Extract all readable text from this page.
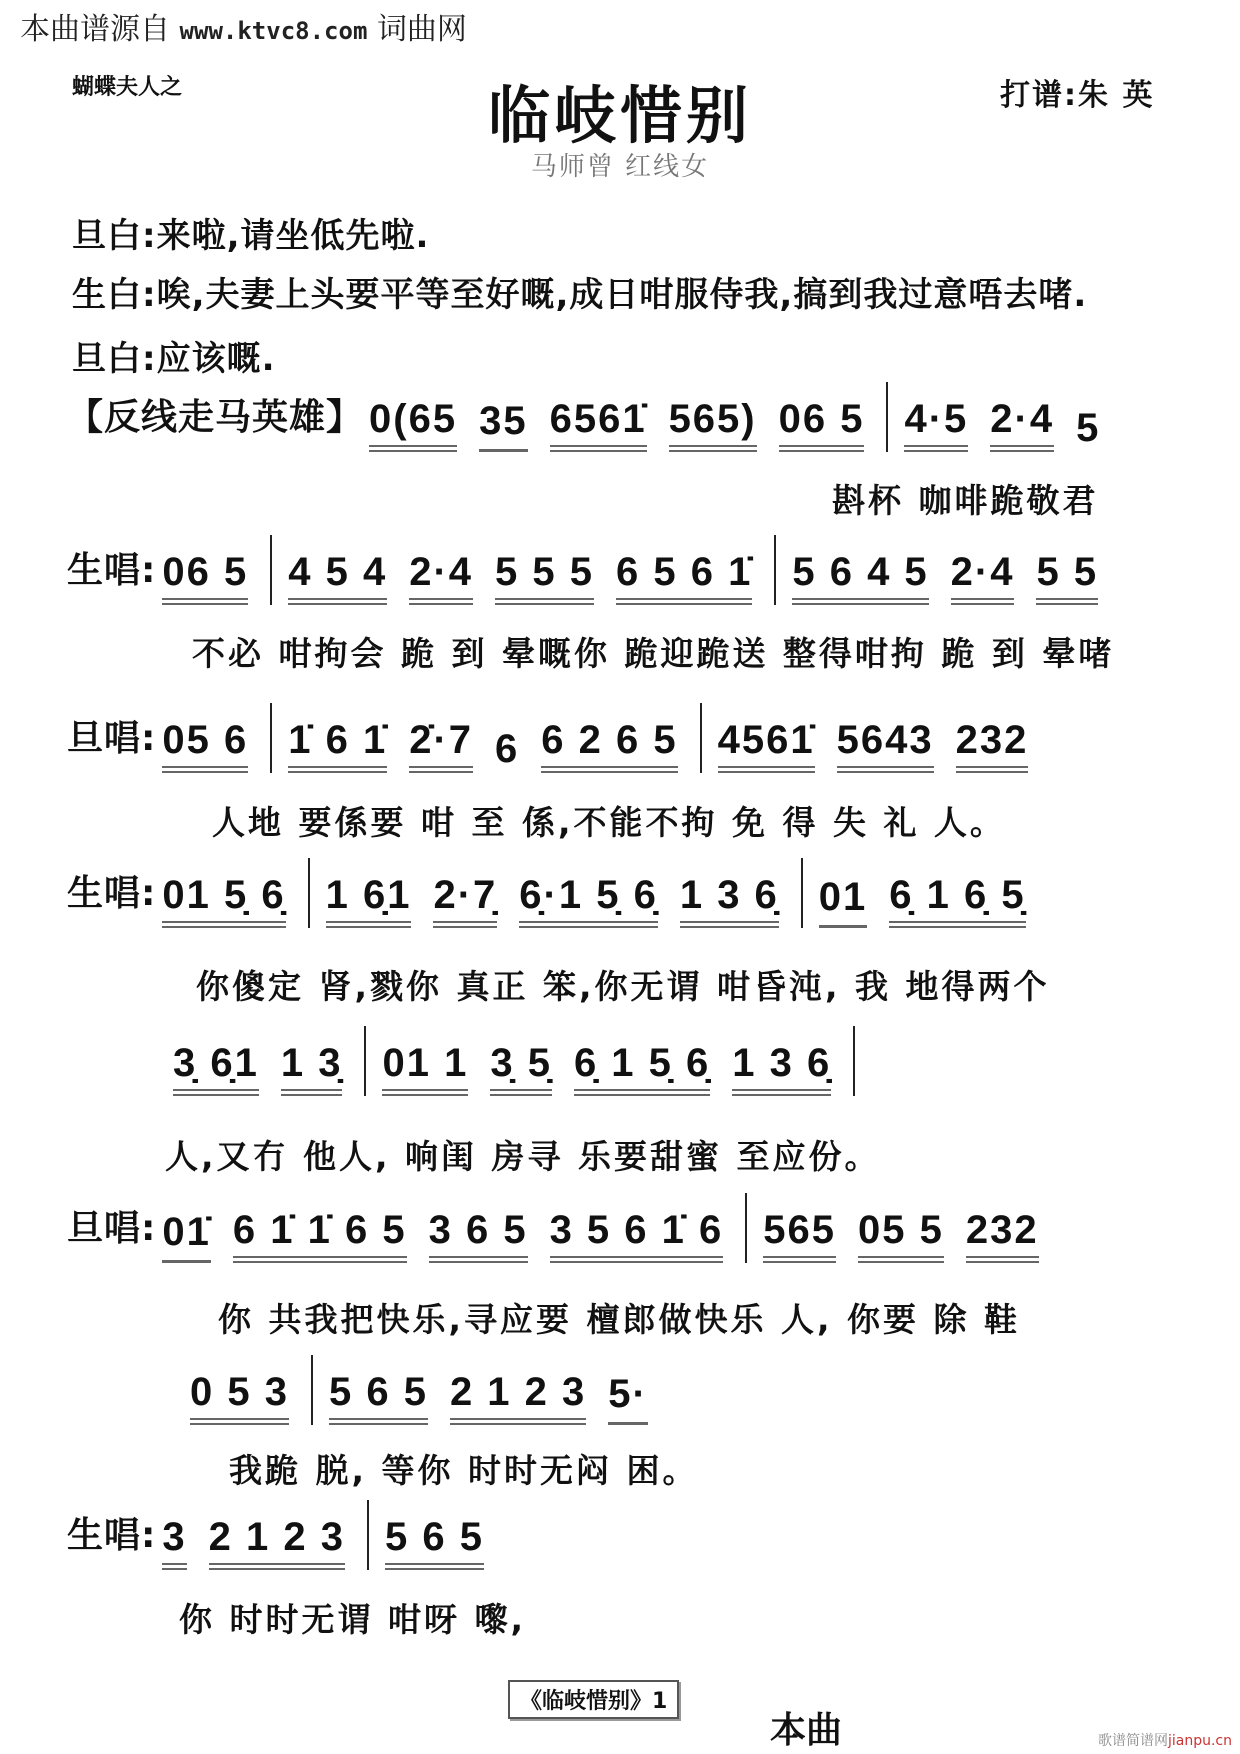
本曲谱源自 www.ktvc8.com 词曲网
蝴蝶夫人之	临岐惜别
马师曾 红线女
打谱:朱 英
旦白:来啦,请坐低先啦.
生白:唉,夫妻上头要平等至好嘅,成日咁服侍我,搞到我过意唔去啫.
旦白:应该嘅.
【反线走马英雄】 0(65 35 6561̇ 565) 06 5 4·5 2·4 5
斟杯 咖啡跪敬君
生唱: 06 5 4 5 4 2·4 5 5 5 6 5 6 1̇ 5 6 4 5 2·4 5 5
不必 咁拘会 跪 到 晕嘅你 跪迎跪送 整得咁拘 跪 到 晕啫
旦唱: 05 6 1̇ 6 1̇ 2̇·7 6 6 2 6 5 4561̇ 5643 232
人地 要係要 咁 至 係,不能不拘 免 得 失 礼 人。
生唱: 01 5̣ 6̣ 1 6̣1 2·7̣ 6̣·1 5̣ 6̣ 1 3 6̣ 01 6̣ 1 6̣ 5̣
你傻定 肾,戮你 真正 笨,你无谓 咁昏沌, 我 地得两个
3̣ 6̣1 1 3̣ 01 1 3̣ 5̣ 6̣ 1 5̣ 6̣ 1 3 6̣
人,又冇 他人, 响闺 房寻 乐要甜蜜 至应份。
旦唱: 01̇ 6 1̇ 1̇ 6 5 3 6 5 3 5 6 1̇ 6 565 05 5 232
你 共我把快乐,寻应要 檀郎做快乐 人, 你要 除 鞋
0 5 3 5 6 5 2 1 2 3 5·
我跪 脱, 等你 时时无闷 困。
生唱: 3 2 1 2 3 5 6 5
你 时时无谓 咁呀 嚟,
《临岐惜别》1
本曲	歌谱简谱网jianpu.cn
